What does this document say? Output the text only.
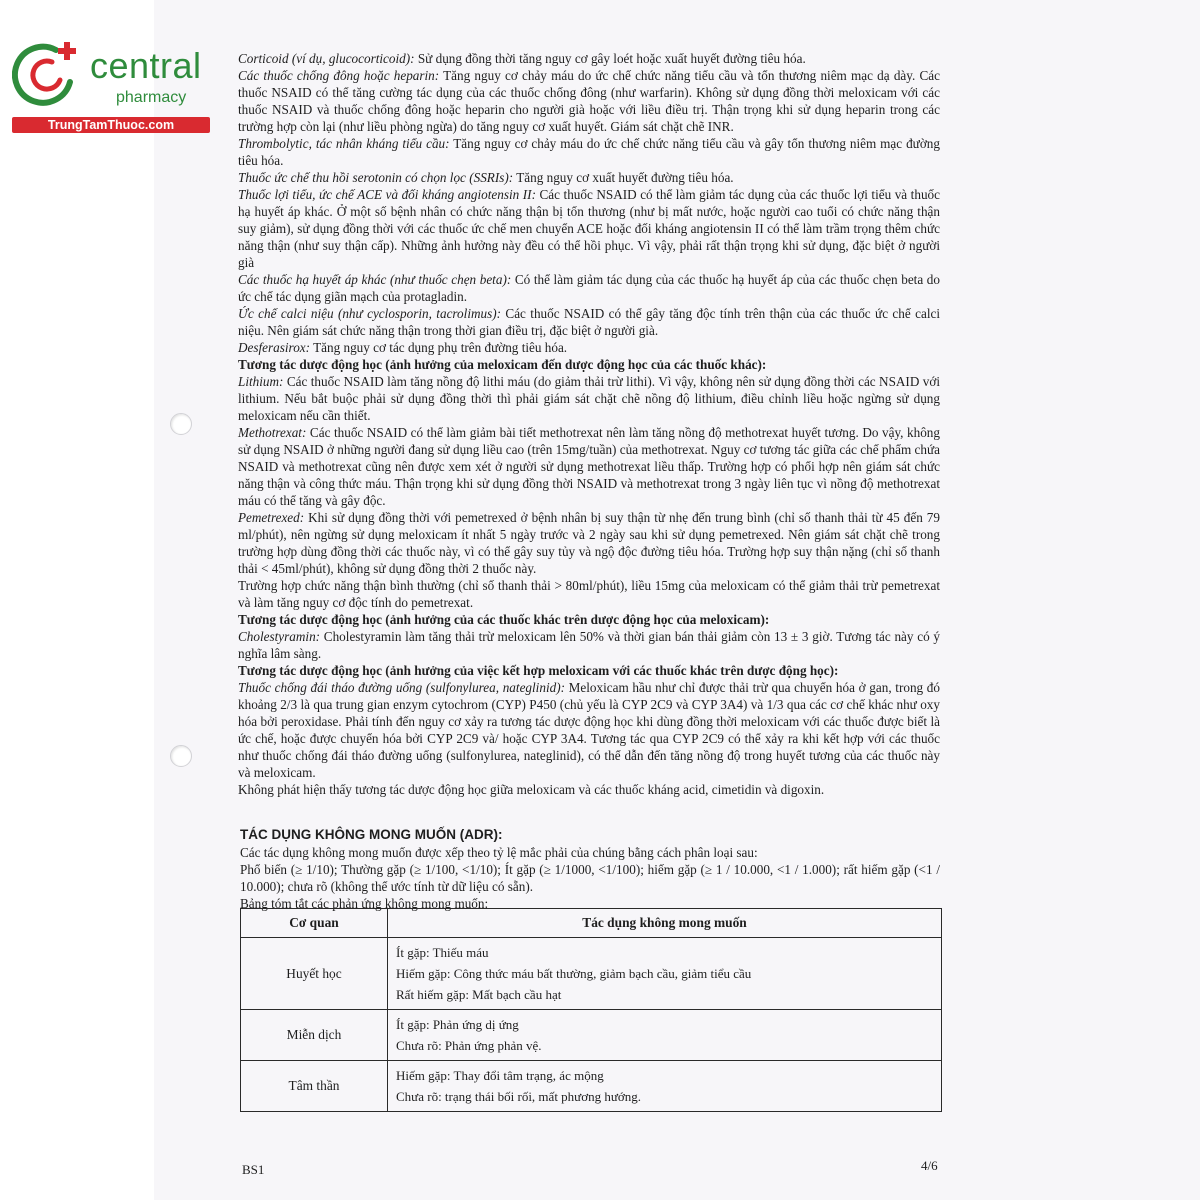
central
pharmacy
TrungTamThuoc.com

Corticoid (ví dụ, glucocorticoid): Sử dụng đồng thời tăng nguy cơ gây loét hoặc xuất huyết đường tiêu hóa.

Các thuốc chống đông hoặc heparin: Tăng nguy cơ chảy máu do ức chế chức năng tiểu cầu và tổn thương niêm mạc dạ dày. Các thuốc NSAID có thể tăng cường tác dụng của các thuốc chống đông (như warfarin). Không sử dụng đồng thời meloxicam với các thuốc NSAID và thuốc chống đông hoặc heparin cho người già hoặc với liều điều trị. Thận trọng khi sử dụng heparin trong các trường hợp còn lại (như liều phòng ngừa) do tăng nguy cơ xuất huyết. Giám sát chặt chẽ INR.

Thrombolytic, tác nhân kháng tiểu cầu: Tăng nguy cơ chảy máu do ức chế chức năng tiểu cầu và gây tổn thương niêm mạc đường tiêu hóa.

Thuốc ức chế thu hồi serotonin có chọn lọc (SSRIs): Tăng nguy cơ xuất huyết đường tiêu hóa.

Thuốc lợi tiểu, ức chế ACE và đối kháng angiotensin II: Các thuốc NSAID có thể làm giảm tác dụng của các thuốc lợi tiểu và thuốc hạ huyết áp khác. Ở một số bệnh nhân có chức năng thận bị tổn thương (như bị mất nước, hoặc người cao tuổi có chức năng thận suy giảm), sử dụng đồng thời với các thuốc ức chế men chuyển ACE hoặc đối kháng angiotensin II có thể làm trầm trọng thêm chức năng thận (như suy thận cấp). Những ảnh hưởng này đều có thể hồi phục. Vì vậy, phải rất thận trọng khi sử dụng, đặc biệt ở người già

Các thuốc hạ huyết áp khác (như thuốc chẹn beta): Có thể làm giảm tác dụng của các thuốc hạ huyết áp của các thuốc chẹn beta do ức chế tác dụng giãn mạch của protagladin.

Ức chế calci niệu (như cyclosporin, tacrolimus): Các thuốc NSAID có thể gây tăng độc tính trên thận của các thuốc ức chế calci niệu. Nên giám sát chức năng thận trong thời gian điều trị, đặc biệt ở người già.

Desferasirox: Tăng nguy cơ tác dụng phụ trên đường tiêu hóa.

Tương tác dược động học (ảnh hưởng của meloxicam đến dược động học của các thuốc khác):

Lithium: Các thuốc NSAID làm tăng nồng độ lithi máu (do giảm thải trừ lithi). Vì vậy, không nên sử dụng đồng thời các NSAID với lithium. Nếu bắt buộc phải sử dụng đồng thời thì phải giám sát chặt chẽ nồng độ lithium, điều chỉnh liều hoặc ngừng sử dụng meloxicam nếu cần thiết.

Methotrexat: Các thuốc NSAID có thể làm giảm bài tiết methotrexat nên làm tăng nồng độ methotrexat huyết tương. Do vậy, không sử dụng NSAID ở những người đang sử dụng liều cao (trên 15mg/tuần) của methotrexat. Nguy cơ tương tác giữa các chế phẩm chứa NSAID và methotrexat cũng nên được xem xét ở người sử dụng methotrexat liều thấp. Trường hợp có phối hợp nên giám sát chức năng thận và công thức máu. Thận trọng khi sử dụng đồng thời NSAID và methotrexat trong 3 ngày liên tục vì nồng độ methotrexat máu có thể tăng và gây độc.

Pemetrexed: Khi sử dụng đồng thời với pemetrexed ở bệnh nhân bị suy thận từ nhẹ đến trung bình (chỉ số thanh thải từ 45 đến 79 ml/phút), nên ngừng sử dụng meloxicam ít nhất 5 ngày trước và 2 ngày sau khi sử dụng pemetrexed. Nên giám sát chặt chẽ trong trường hợp dùng đồng thời các thuốc này, vì có thể gây suy tủy và ngộ độc đường tiêu hóa. Trường hợp suy thận nặng (chỉ số thanh thải < 45ml/phút), không sử dụng đồng thời 2 thuốc này.

Trường hợp chức năng thận bình thường (chỉ số thanh thải > 80ml/phút), liều 15mg của meloxicam có thể giảm thải trừ pemetrexat và làm tăng nguy cơ độc tính do pemetrexat.

Tương tác dược động học (ảnh hưởng của các thuốc khác trên dược động học của meloxicam):

Cholestyramin: Cholestyramin làm tăng thải trừ meloxicam lên 50% và thời gian bán thải giảm còn 13 ± 3 giờ. Tương tác này có ý nghĩa lâm sàng.

Tương tác dược động học (ảnh hưởng của việc kết hợp meloxicam với các thuốc khác trên dược động học):

Thuốc chống đái tháo đường uống (sulfonylurea, nateglinid): Meloxicam hầu như chỉ được thải trừ qua chuyển hóa ở gan, trong đó khoảng 2/3 là qua trung gian enzym cytochrom (CYP) P450 (chủ yếu là CYP 2C9 và CYP 3A4) và 1/3 qua các cơ chế khác như oxy hóa bởi peroxidase. Phải tính đến nguy cơ xảy ra tương tác dược động học khi dùng đồng thời meloxicam với các thuốc được biết là ức chế, hoặc được chuyển hóa bởi CYP 2C9 và/ hoặc CYP 3A4. Tương tác qua CYP 2C9 có thể xảy ra khi kết hợp với các thuốc như thuốc chống đái tháo đường uống (sulfonylurea, nateglinid), có thể dẫn đến tăng nồng độ trong huyết tương của các thuốc này và meloxicam.

Không phát hiện thấy tương tác dược động học giữa meloxicam và các thuốc kháng acid, cimetidin và digoxin.

TÁC DỤNG KHÔNG MONG MUỐN (ADR):

Các tác dụng không mong muốn được xếp theo tỷ lệ mắc phải của chúng bằng cách phân loại sau:

Phổ biến (≥ 1/10); Thường gặp (≥ 1/100, <1/10); Ít gặp (≥ 1/1000, <1/100); hiếm gặp (≥ 1 / 10.000, <1 / 1.000); rất hiếm gặp (<1 / 10.000); chưa rõ (không thể ước tính từ dữ liệu có sẵn).

Bảng tóm tắt các phản ứng không mong muốn:

Cơ quan	Tác dụng không mong muốn
Huyết học	Ít gặp: Thiếu máu
Hiếm gặp: Công thức máu bất thường, giảm bạch cầu, giảm tiểu cầu
Rất hiếm gặp: Mất bạch cầu hạt

Miễn dịch	Ít gặp: Phản ứng dị ứng
Chưa rõ: Phản ứng phản vệ.

Tâm thần	Hiếm gặp: Thay đổi tâm trạng, ác mộng
Chưa rõ: trạng thái bối rối, mất phương hướng.
BS1	4/6
